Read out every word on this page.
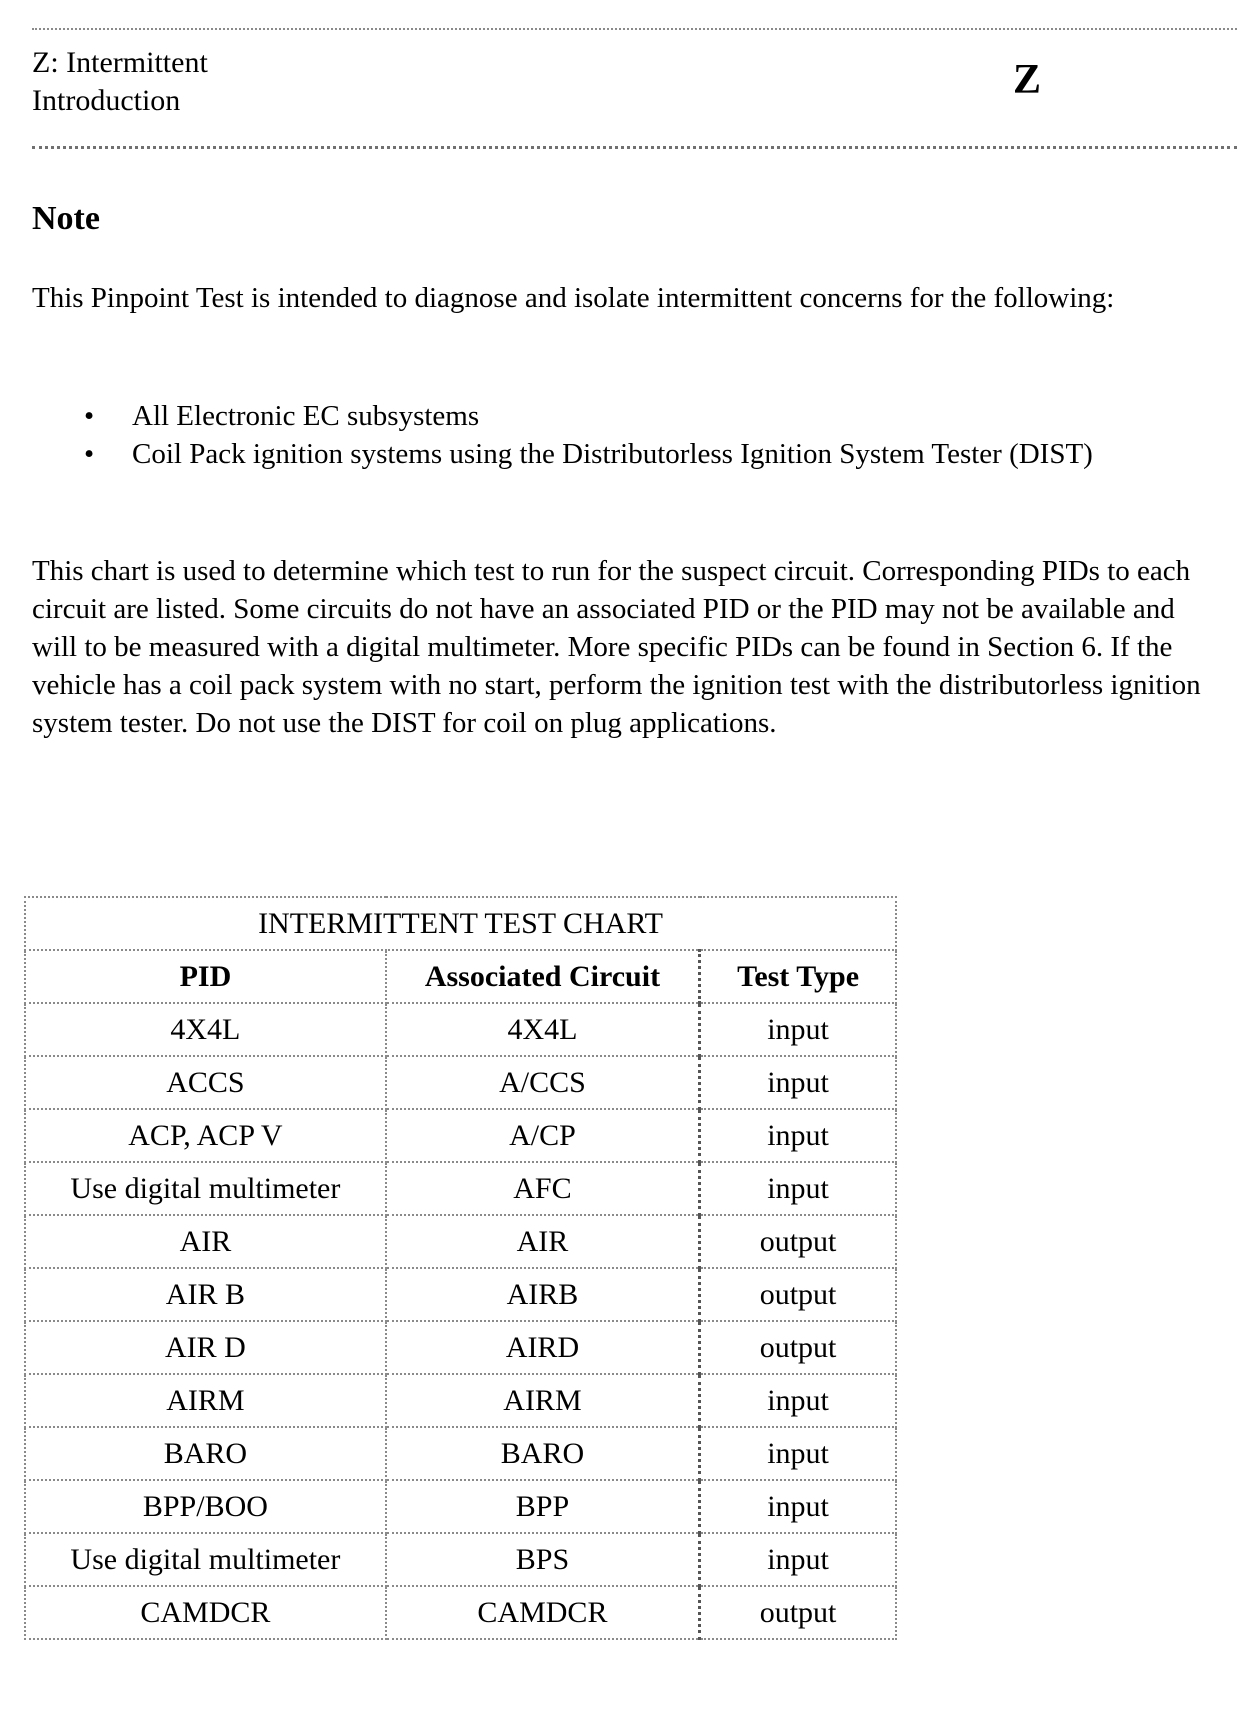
Z: Intermittent
Introduction	Z
Note

This Pinpoint Test is intended to diagnose and isolate intermittent concerns for the following:

• All Electronic EC subsystems
• Coil Pack ignition systems using the Distributorless Ignition System Tester (DIST)

This chart is used to determine which test to run for the suspect circuit. Corresponding PIDs to each circuit are listed. Some circuits do not have an associated PID or the PID may not be available and will to be measured with a digital multimeter. More specific PIDs can be found in Section 6. If the vehicle has a coil pack system with no start, perform the ignition test with the distributorless ignition system tester. Do not use the DIST for coil on plug applications.

INTERMITTENT TEST CHART		
PID	Associated Circuit	Test Type
4X4L	4X4L	input
ACCS	A/CCS	input
ACP, ACP V	A/CP	input
Use digital multimeter	AFC	input
AIR	AIR	output
AIR B	AIRB	output
AIR D	AIRD	output
AIRM	AIRM	input
BARO	BARO	input
BPP/BOO	BPP	input
Use digital multimeter	BPS	input
CAMDCR	CAMDCR	output
